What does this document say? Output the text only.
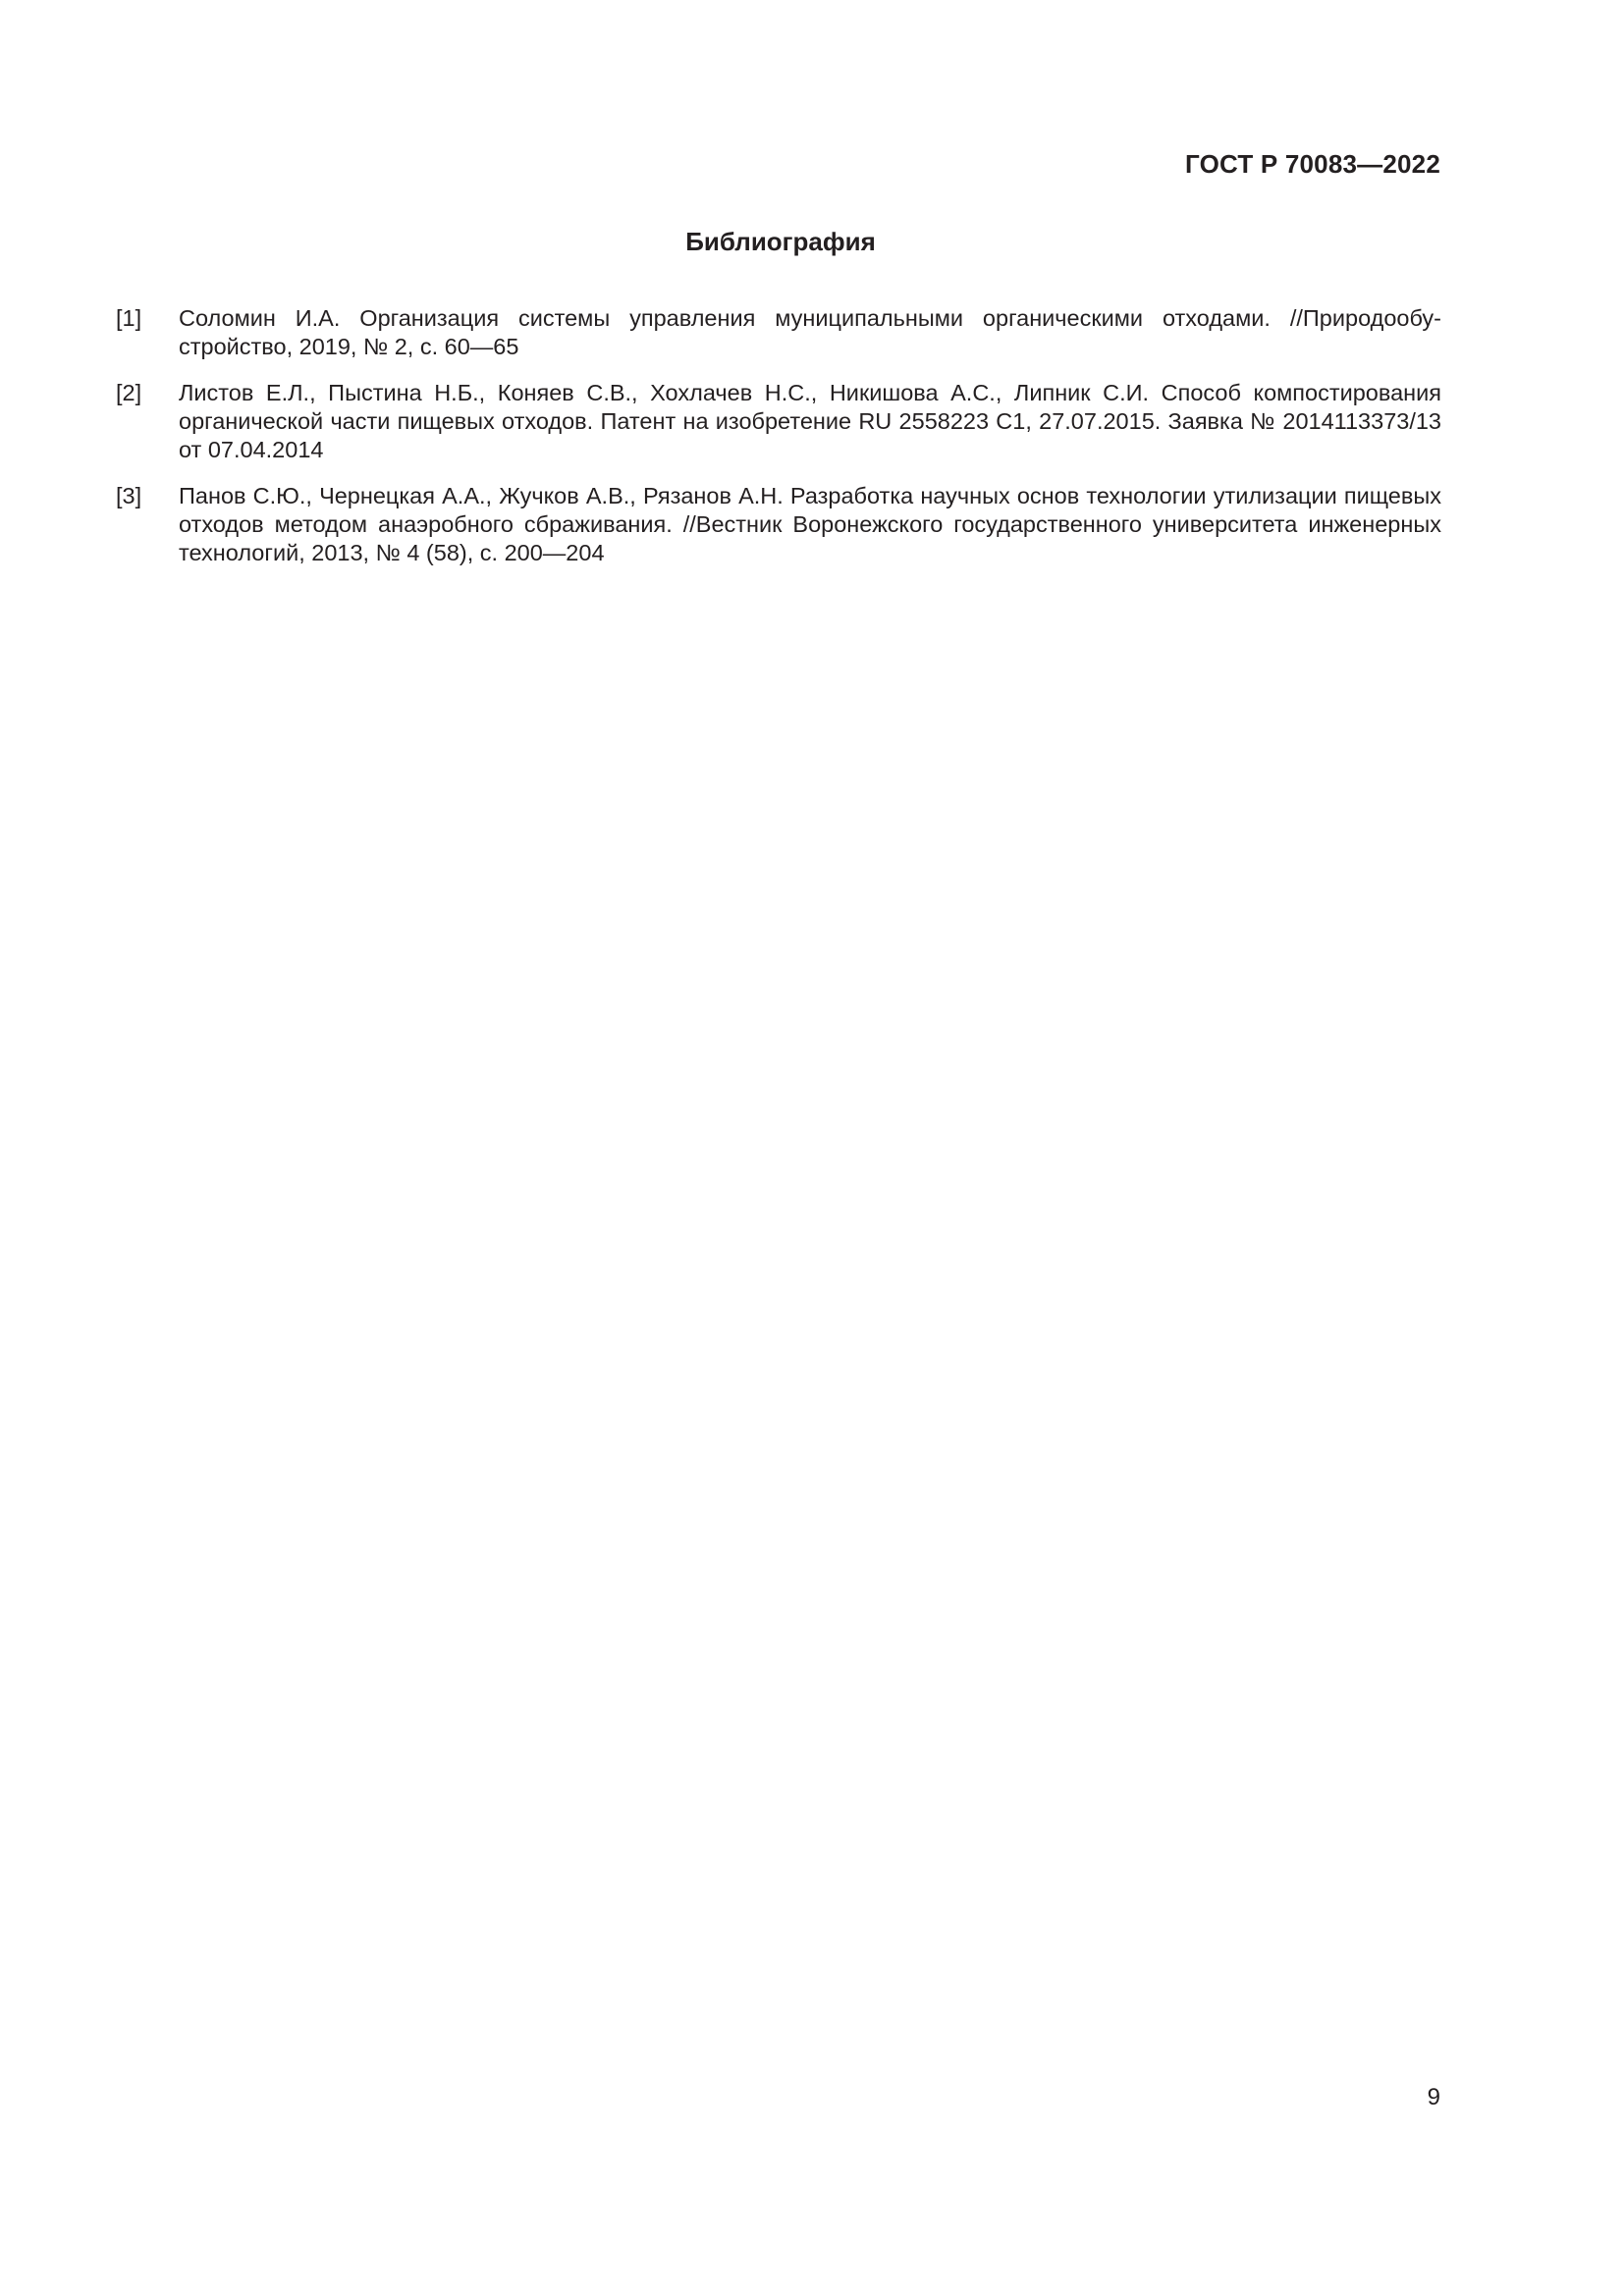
ГОСТ Р 70083—2022
Библиография
[1]	Соломин И.А. Организация системы управления муниципальными органическими отходами. //Природообустройство, 2019, № 2, с. 60—65
[2]	Листов Е.Л., Пыстина Н.Б., Коняев С.В., Хохлачев Н.С., Никишова А.С., Липник С.И. Способ компостирования органической части пищевых отходов. Патент на изобретение RU 2558223 C1, 27.07.2015. Заявка № 2014113373/13 от 07.04.2014
[3]	Панов С.Ю., Чернецкая А.А., Жучков А.В., Рязанов А.Н. Разработка научных основ технологии утилизации пищевых отходов методом анаэробного сбраживания. //Вестник Воронежского государственного университета инженерных технологий, 2013, № 4 (58), с. 200—204
9
